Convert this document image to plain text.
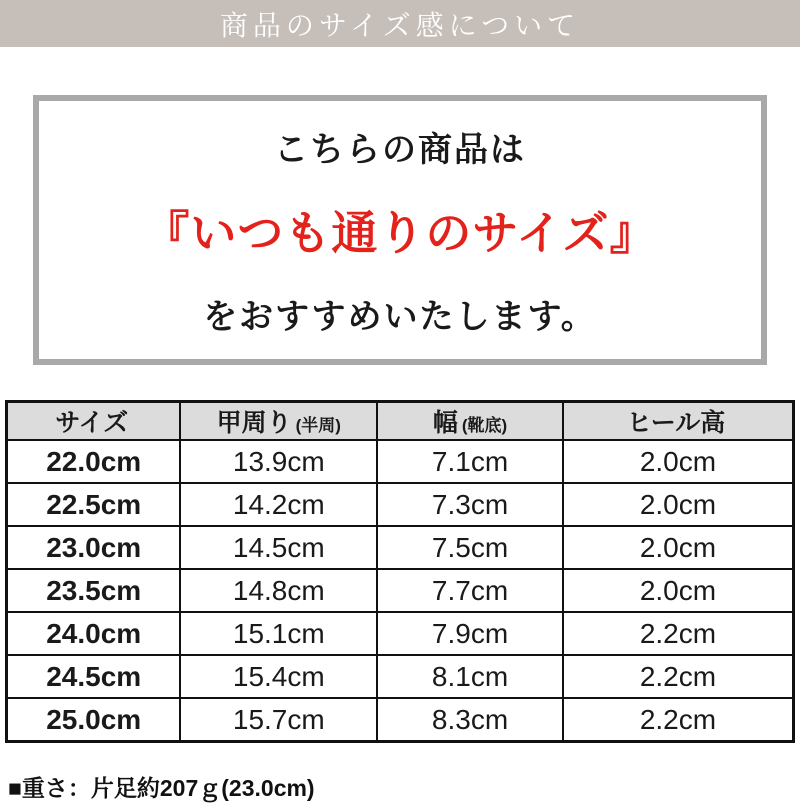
商品のサイズ感について
こちらの商品は
『いつも通りのサイズ』
をおすすめいたします。
サイズ	甲周り (半周)	幅 (靴底)	ヒール高
22.0cm	13.9cm	7.1cm	2.0cm
22.5cm	14.2cm	7.3cm	2.0cm
23.0cm	14.5cm	7.5cm	2.0cm
23.5cm	14.8cm	7.7cm	2.0cm
24.0cm	15.1cm	7.9cm	2.2cm
24.5cm	15.4cm	8.1cm	2.2cm
25.0cm	15.7cm	8.3cm	2.2cm
■重さ：片足約207ｇ(23.0cm)
